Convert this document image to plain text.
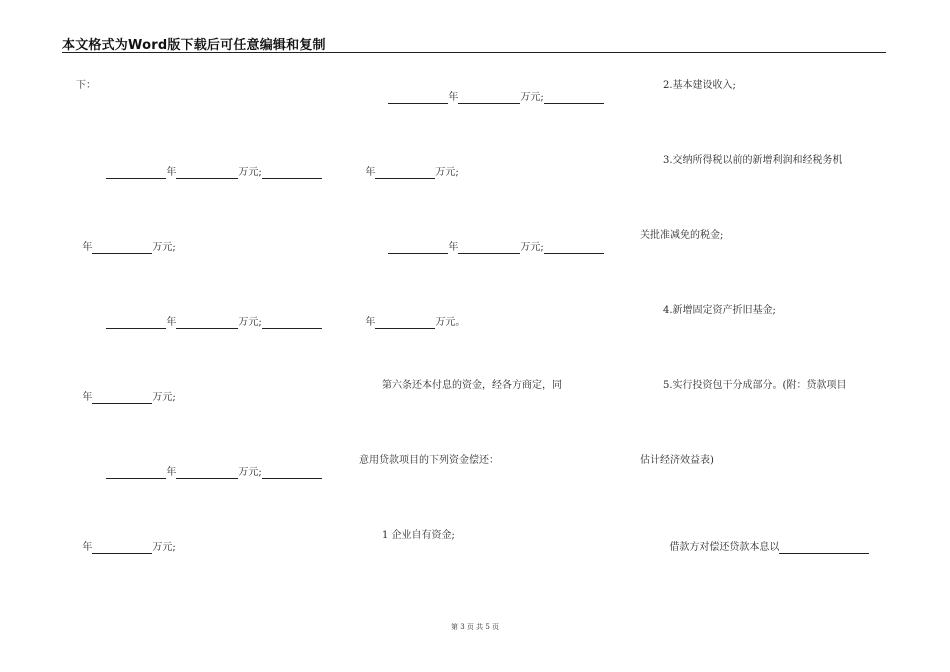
本文格式为Word版下载后可任意编辑和复制
下：

年	万元;

年	万元;

年	万元;

年	万元;

年	万元;

年	万元;

年	万元;

年	万元;

年	万元;

年	万元。

第六条还本付息的资金，经各方商定，同
意用贷款项目的下列资金偿还：
1 企业自有资金;
2.基本建设收入;
3.交纳所得税以前的新增利润和经税务机
关批准减免的税金;
4.新增固定资产折旧基金;
5.实行投资包干分成部分。(附：贷款项目
估计经济效益表)

借款方对偿还贷款本息以

第 3 页 共 5 页
